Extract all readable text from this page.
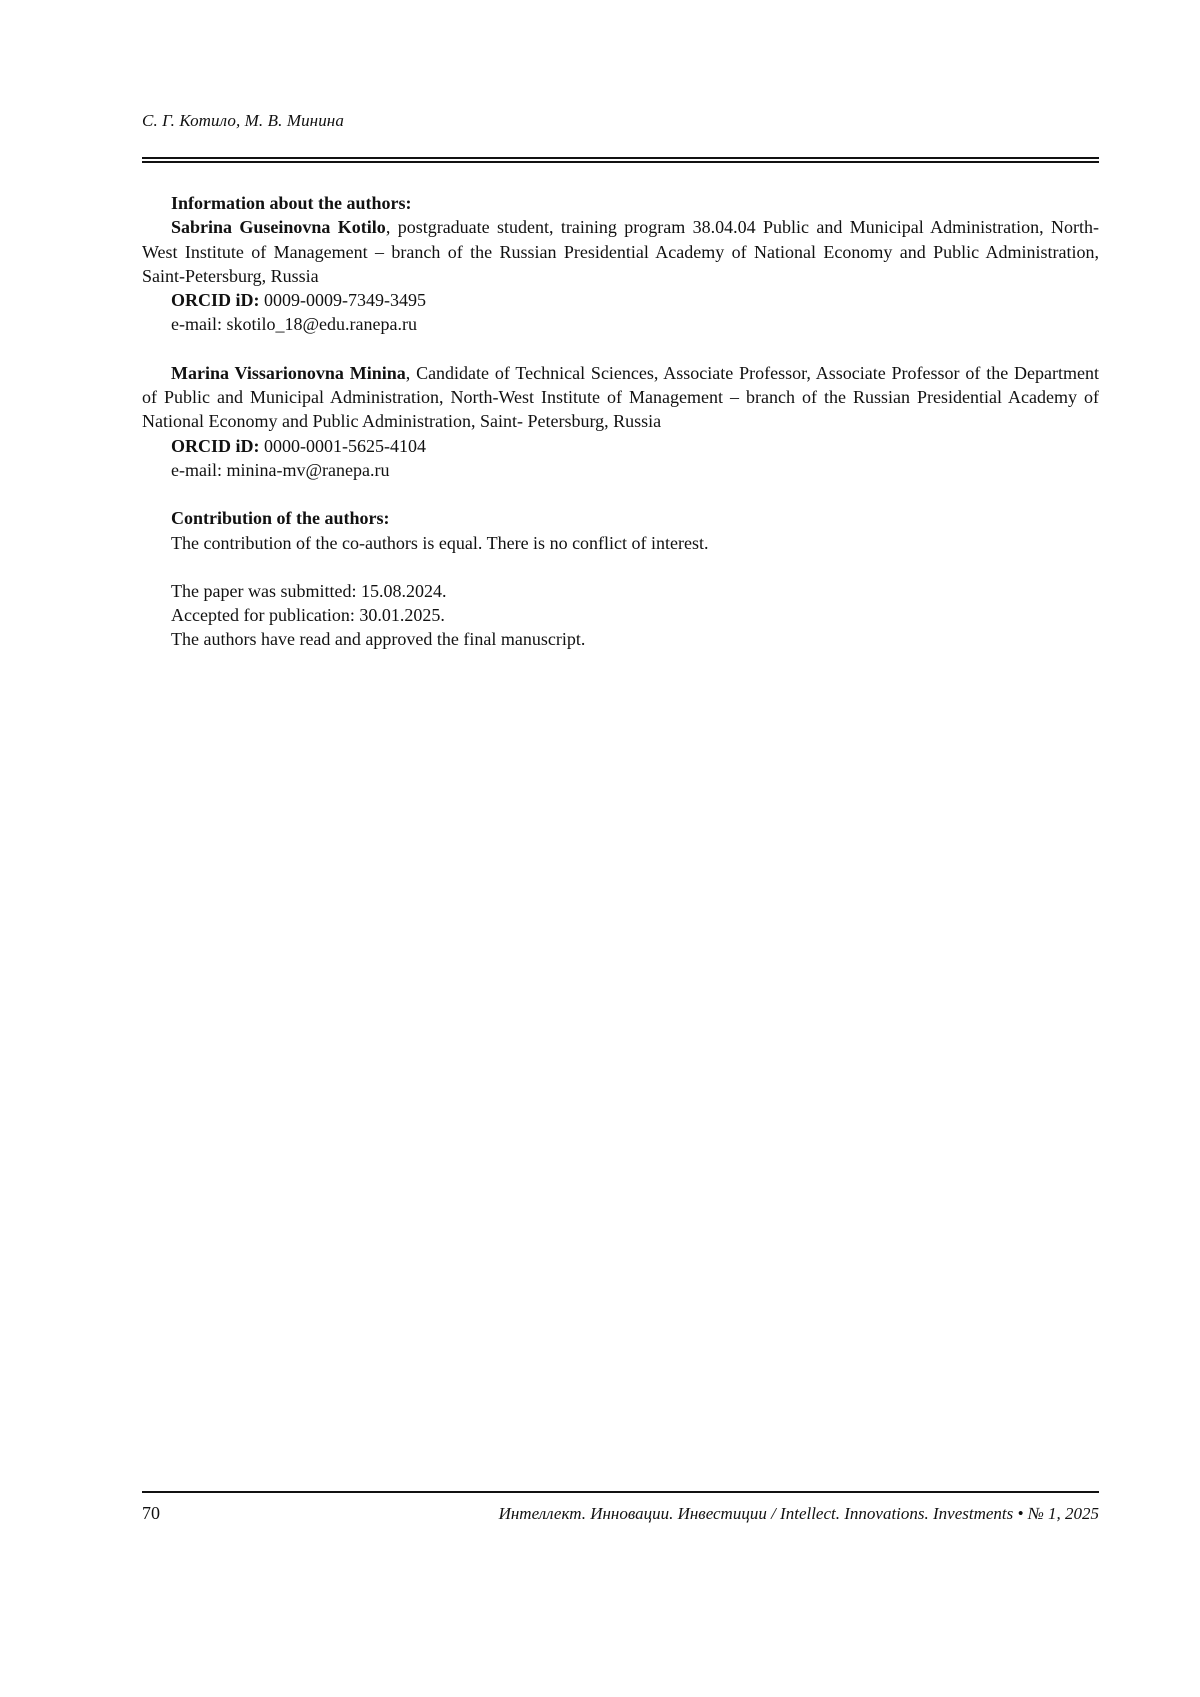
С. Г. Котило, М. В. Минина
Information about the authors:

Sabrina Guseinovna Kotilo, postgraduate student, training program 38.04.04 Public and Municipal Administration, North-West Institute of Management – branch of the Russian Presidential Academy of National Economy and Public Administration, Saint-Petersburg, Russia

ORCID iD: 0009-0009-7349-3495
e-mail: skotilo_18@edu.ranepa.ru

Marina Vissarionovna Minina, Candidate of Technical Sciences, Associate Professor, Associate Professor of the Department of Public and Municipal Administration, North-West Institute of Management – branch of the Russian Presidential Academy of National Economy and Public Administration, Saint- Petersburg, Russia

ORCID iD: 0000-0001-5625-4104
e-mail: minina-mv@ranepa.ru
Contribution of the authors:
The contribution of the co-authors is equal. There is no conflict of interest.
The paper was submitted: 15.08.2024.
Accepted for publication: 30.01.2025.
The authors have read and approved the final manuscript.
70	Интеллект. Инновации. Инвестиции / Intellect. Innovations. Investments • № 1, 2025
